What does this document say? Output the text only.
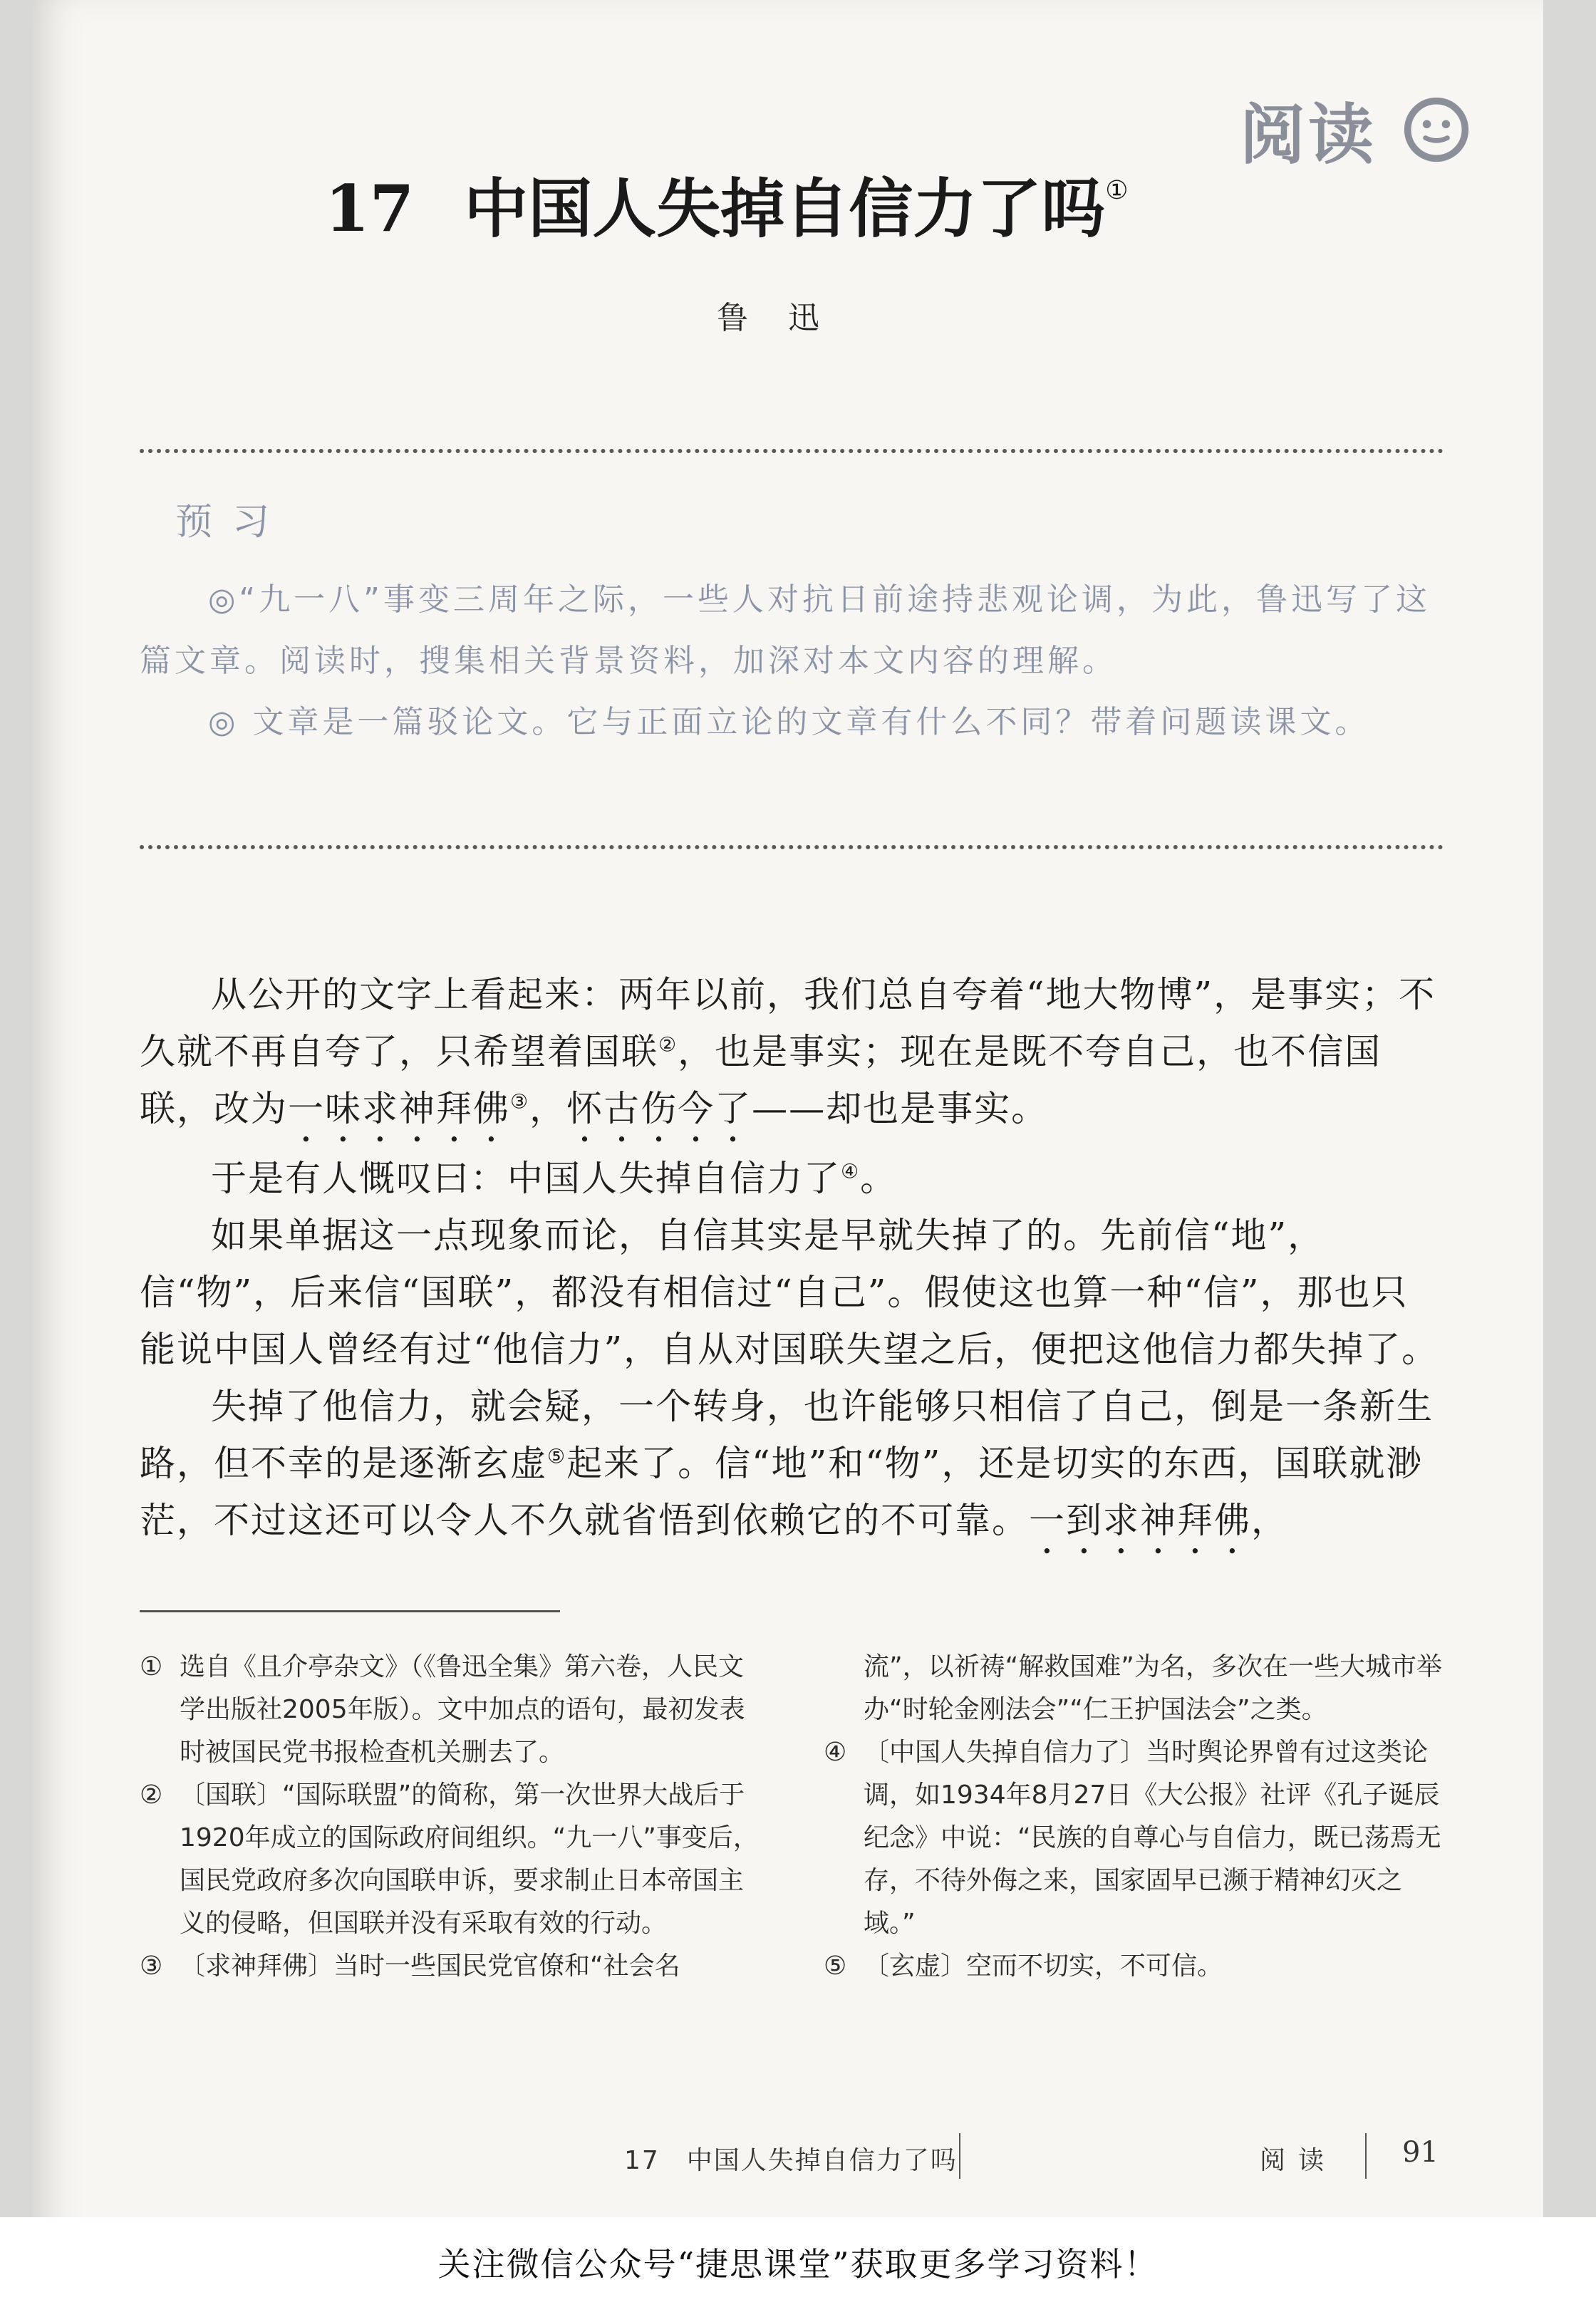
阅读
17 中国人失掉自信力了吗①
鲁迅
预习

◎“九一八”事变三周年之际，一些人对抗日前途持悲观论调，为此，鲁迅写了这篇文章。阅读时，搜集相关背景资料，加深对本文内容的理解。

◎ 文章是一篇驳论文。它与正面立论的文章有什么不同？带着问题读课文。

从公开的文字上看起来：两年以前，我们总自夸着“地大物博”，是事实；不久就不再自夸了，只希望着国联②，也是事实；现在是既不夸自己，也不信国联，改为一味求神拜佛③，怀古伤今了——却也是事实。

于是有人慨叹曰：中国人失掉自信力了④。

如果单据这一点现象而论，自信其实是早就失掉了的。先前信“地”，信“物”，后来信“国联”，都没有相信过“自己”。假使这也算一种“信”，那也只能说中国人曾经有过“他信力”，自从对国联失望之后，便把这他信力都失掉了。

失掉了他信力，就会疑，一个转身，也许能够只相信了自己，倒是一条新生路，但不幸的是逐渐玄虚⑤起来了。信“地”和“物”，还是切实的东西，国联就渺茫，不过这还可以令人不久就省悟到依赖它的不可靠。一到求神拜佛，

① 选自《且介亭杂文》（《鲁迅全集》第六卷，人民文学出版社2005年版）。文中加点的语句，最初发表时被国民党书报检查机关删去了。

② 〔国联〕“国际联盟”的简称，第一次世界大战后于1920年成立的国际政府间组织。“九一八”事变后，国民党政府多次向国联申诉，要求制止日本帝国主义的侵略，但国联并没有采取有效的行动。

③ 〔求神拜佛〕当时一些国民党官僚和“社会名

流”，以祈祷“解救国难”为名，多次在一些大城市举办“时轮金刚法会”“仁王护国法会”之类。

④ 〔中国人失掉自信力了〕当时舆论界曾有过这类论调，如1934年8月27日《大公报》社评《孔子诞辰纪念》中说：“民族的自尊心与自信力，既已荡焉无存，不待外侮之来，国家固早已濒于精神幻灭之域。”

⑤ 〔玄虚〕空而不切实，不可信。

17　中国人失掉自信力了吗	阅读 91
关注微信公众号“捷思课堂”获取更多学习资料！
